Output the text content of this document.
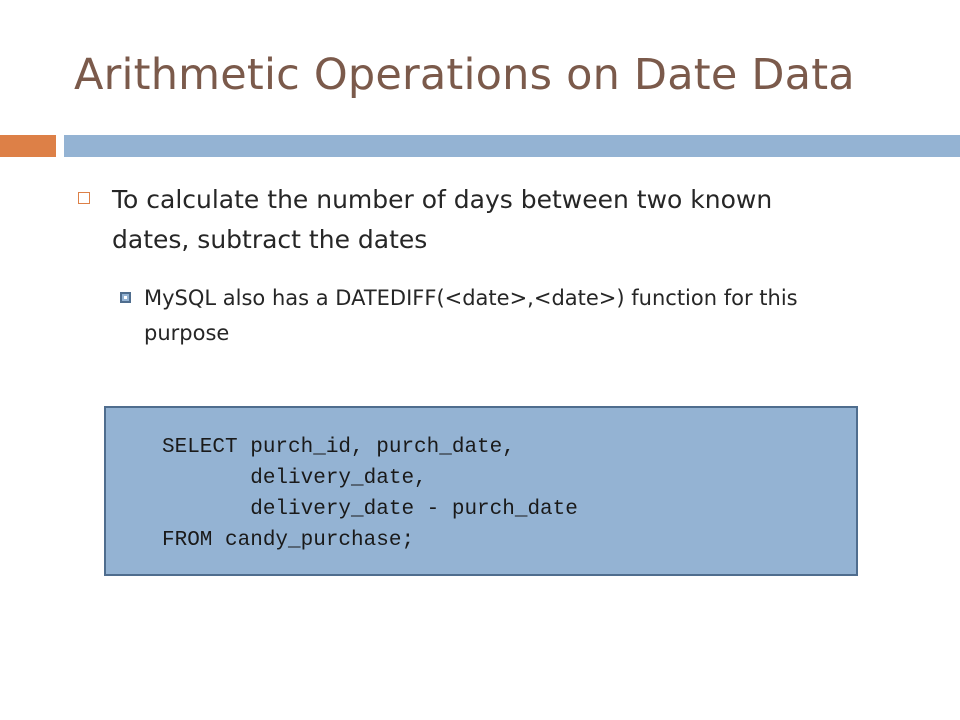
Arithmetic Operations on Date Data
To calculate the number of days between two known dates, subtract the dates
MySQL also has a DATEDIFF(<date>,<date>) function for this purpose
SELECT purch_id, purch_date,
delivery_date,
delivery_date - purch_date
FROM candy_purchase;
